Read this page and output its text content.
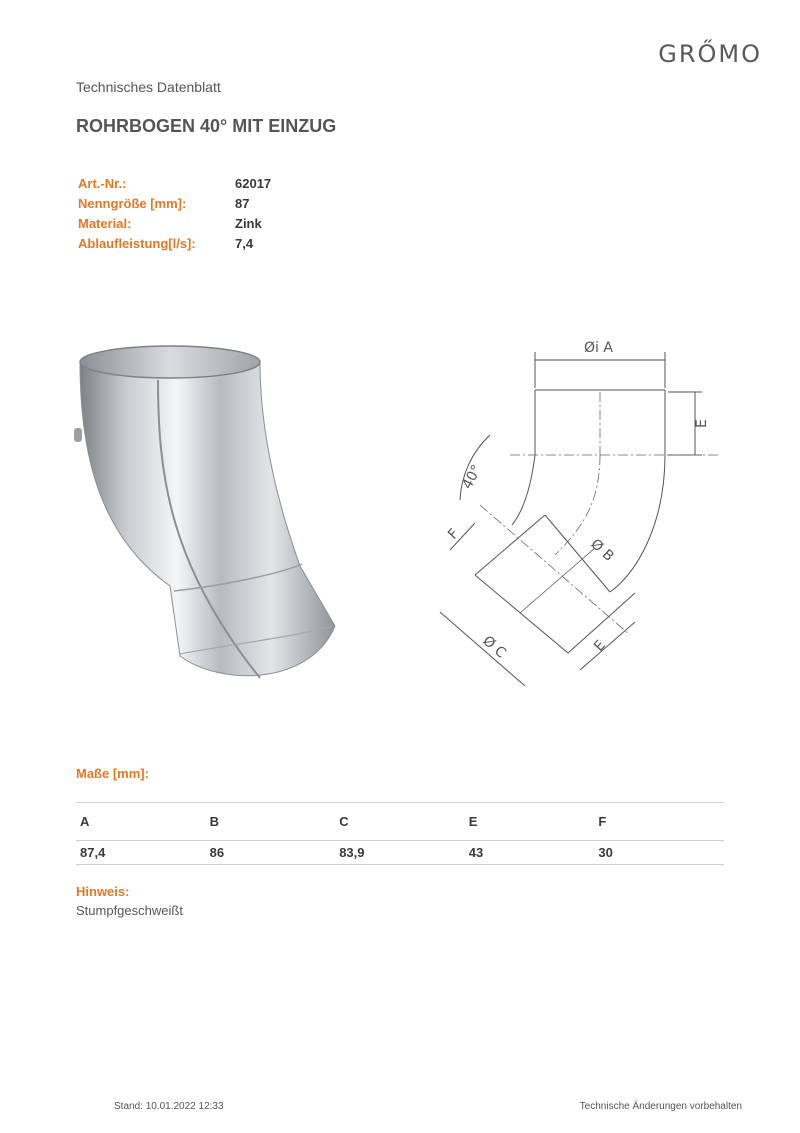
GRŐMO
Technisches Datenblatt
ROHRBOGEN 40° MIT EINZUG
Art.-Nr.:	62017
Nenngröße [mm]:	87
Material:	Zink
Ablaufleistung[l/s]:	7,4
Øi A
E
40°
Ø B
F
Ø C	E
Maße [mm]:
A	B	C	E	F
87,4	86	83,9	43	30
Hinweis:
Stumpfgeschweißt
Stand: 10.01.2022 12:33	Technische Änderungen vorbehalten
